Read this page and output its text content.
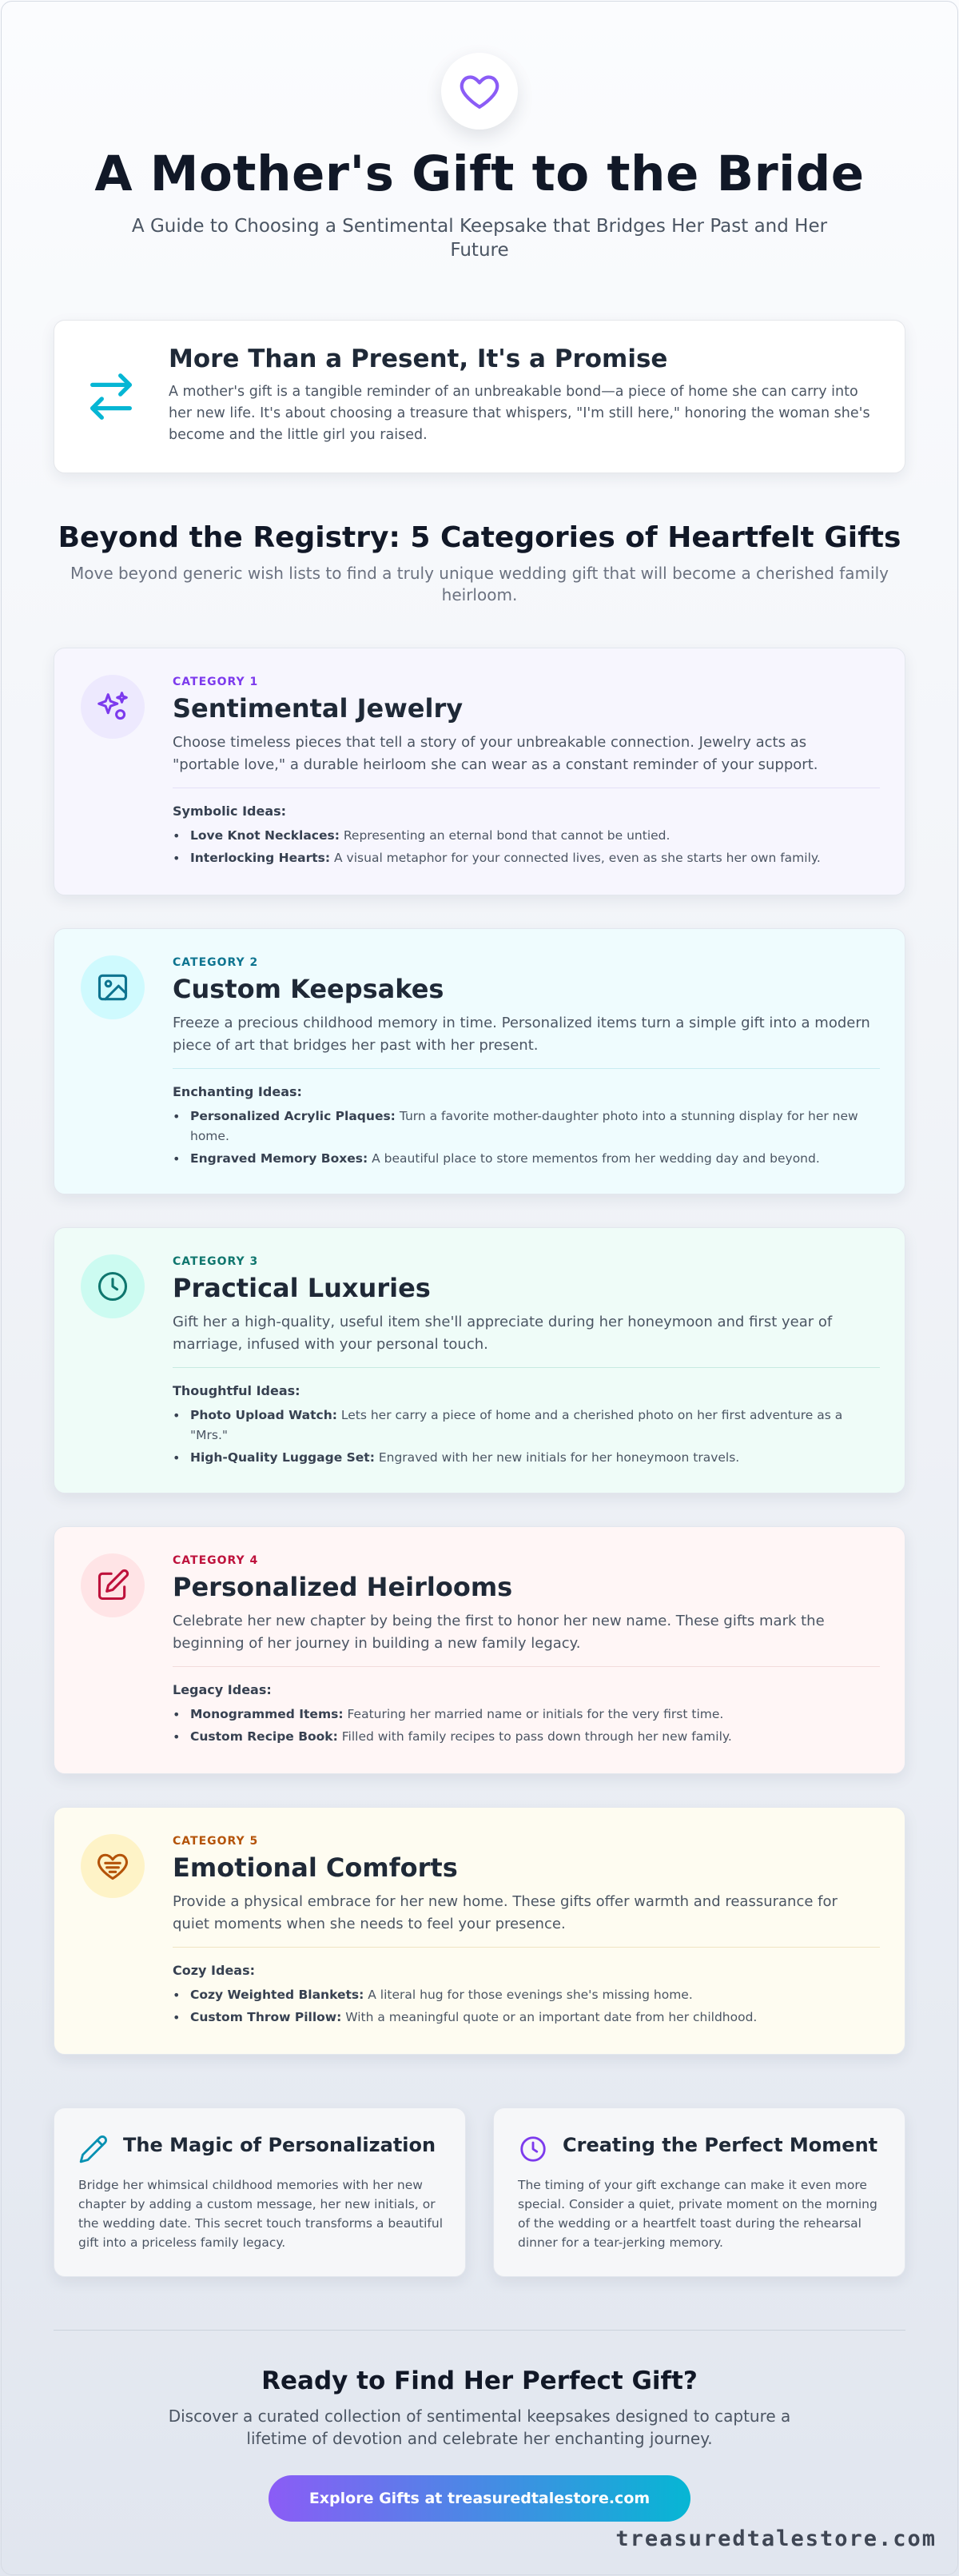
A Mother's Gift to the Bride

A Guide to Choosing a Sentimental Keepsake that Bridges Her Past and Her Future

More Than a Present, It's a Promise

A mother's gift is a tangible reminder of an unbreakable bond—a piece of home she can carry into her new life. It's about choosing a treasure that whispers, "I'm still here," honoring the woman she's become and the little girl you raised.

Beyond the Registry: 5 Categories of Heartfelt Gifts

Move beyond generic wish lists to find a truly unique wedding gift that will become a cherished family heirloom.

CATEGORY 1
Sentimental Jewelry

Choose timeless pieces that tell a story of your unbreakable connection. Jewelry acts as "portable love," a durable heirloom she can wear as a constant reminder of your support.

Symbolic Ideas:
• Love Knot Necklaces: Representing an eternal bond that cannot be untied.
• Interlocking Hearts: A visual metaphor for your connected lives, even as she starts her own family.
CATEGORY 2
Custom Keepsakes

Freeze a precious childhood memory in time. Personalized items turn a simple gift into a modern piece of art that bridges her past with her present.

Enchanting Ideas:
• Personalized Acrylic Plaques: Turn a favorite mother-daughter photo into a stunning display for her new home.
• Engraved Memory Boxes: A beautiful place to store mementos from her wedding day and beyond.
CATEGORY 3
Practical Luxuries

Gift her a high-quality, useful item she'll appreciate during her honeymoon and first year of marriage, infused with your personal touch.

Thoughtful Ideas:
• Photo Upload Watch: Lets her carry a piece of home and a cherished photo on her first adventure as a "Mrs."
• High-Quality Luggage Set: Engraved with her new initials for her honeymoon travels.
CATEGORY 4
Personalized Heirlooms

Celebrate her new chapter by being the first to honor her new name. These gifts mark the beginning of her journey in building a new family legacy.

Legacy Ideas:
• Monogrammed Items: Featuring her married name or initials for the very first time.
• Custom Recipe Book: Filled with family recipes to pass down through her new family.
CATEGORY 5
Emotional Comforts

Provide a physical embrace for her new home. These gifts offer warmth and reassurance for quiet moments when she needs to feel your presence.

Cozy Ideas:
• Cozy Weighted Blankets: A literal hug for those evenings she's missing home.
• Custom Throw Pillow: With a meaningful quote or an important date from her childhood.
The Magic of Personalization

Bridge her whimsical childhood memories with her new chapter by adding a custom message, her new initials, or the wedding date. This secret touch transforms a beautiful gift into a priceless family legacy.

Creating the Perfect Moment

The timing of your gift exchange can make it even more special. Consider a quiet, private moment on the morning of the wedding or a heartfelt toast during the rehearsal dinner for a tear-jerking memory.

Ready to Find Her Perfect Gift?

Discover a curated collection of sentimental keepsakes designed to capture a lifetime of devotion and celebrate her enchanting journey.

Explore Gifts at treasuredtalestore.com
treasuredtalestore.com
